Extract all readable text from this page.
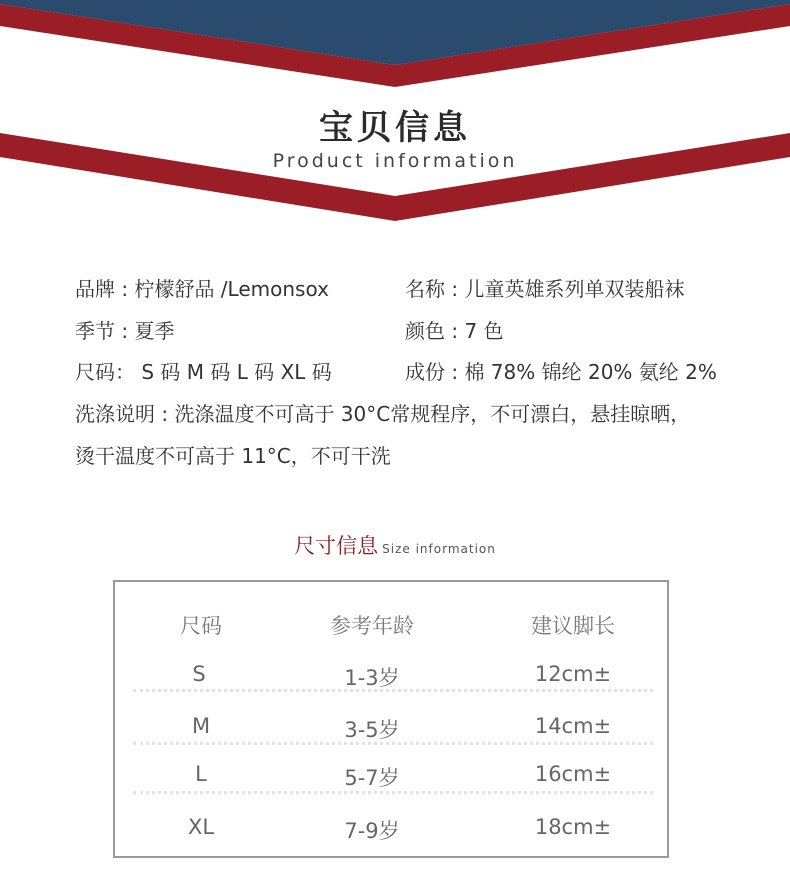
宝贝信息
Product information
品牌 : 柠檬舒品 /Lemonsox	名称 : 儿童英雄系列单双装船袜
季节 : 夏季	颜色 : 7 色
尺码： S 码 M 码 L 码 XL 码	成份 : 棉 78% 锦纶 20% 氨纶 2%
洗涤说明 : 洗涤温度不可高于 30°C常规程序，不可漂白，悬挂晾晒，
烫干温度不可高于 11°C，不可干洗
尺寸信息 Size information
尺码	参考年龄	建议脚长
S	1-3岁	12cm±
M	3-5岁	14cm±
L	5-7岁	16cm±
XL	7-9岁	18cm±
